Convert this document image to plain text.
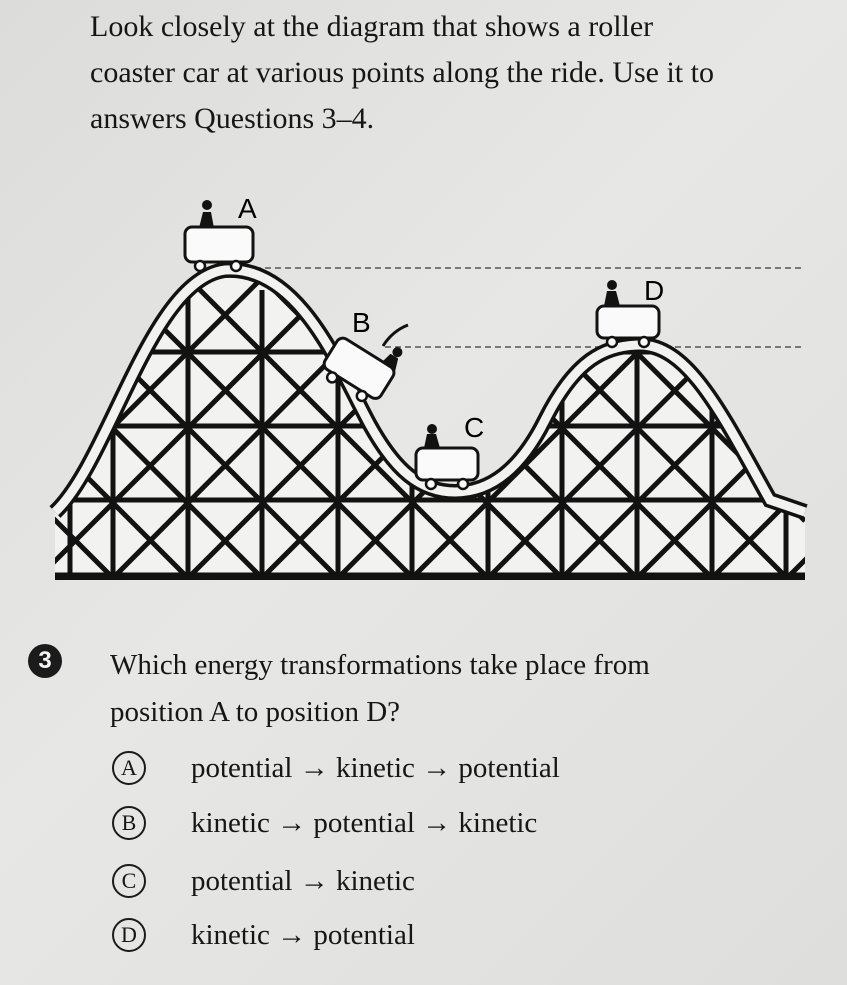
Look closely at the diagram that shows a roller coaster car at various points along the ride. Use it to answers Questions 3–4.

A
B
C
D
3	Which energy transformations take place from position A to position D?

A	potential → kinetic → potential
B	kinetic → potential → kinetic
C	potential → kinetic
D	kinetic → potential
